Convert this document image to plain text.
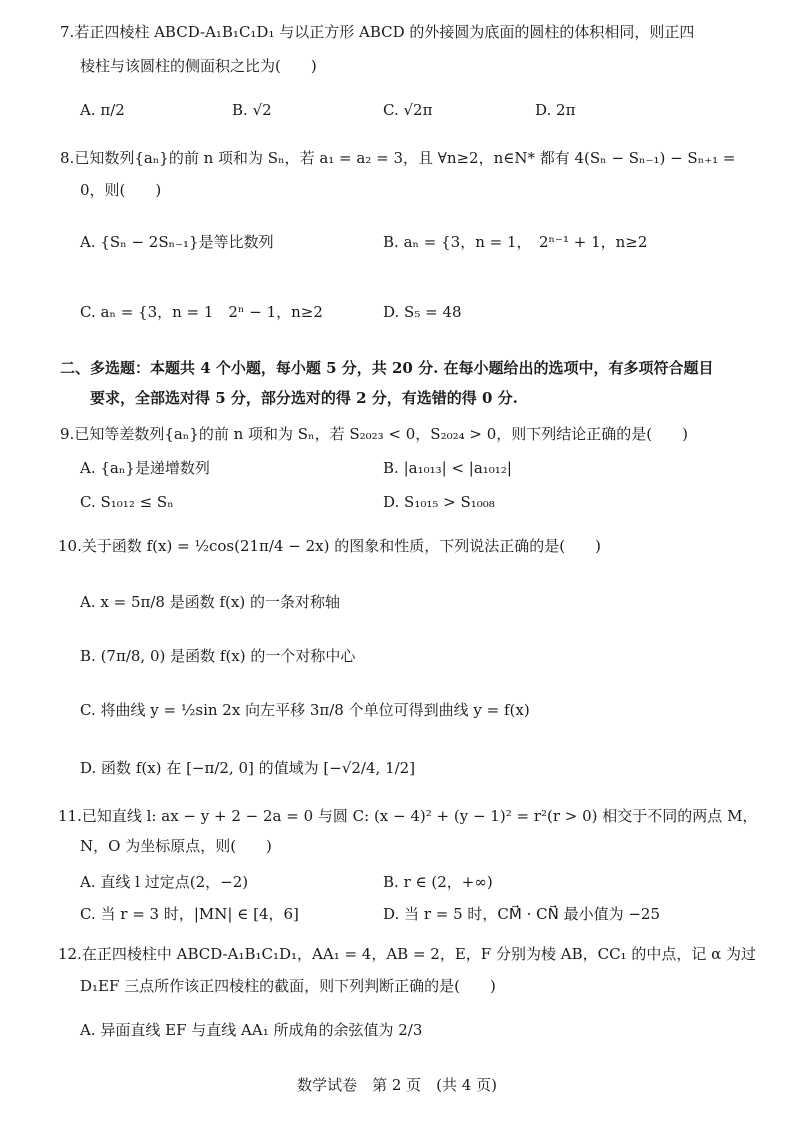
7.若正四棱柱 ABCD-A₁B₁C₁D₁ 与以正方形 ABCD 的外接圆为底面的圆柱的体积相同，则正四
棱柱与该圆柱的侧面积之比为(　　)
A. π/2	B. √2	C. √2π	D. 2π
8.已知数列{aₙ}的前 n 项和为 Sₙ，若 a₁ = a₂ = 3，且 ∀n≥2，n∈N* 都有 4(Sₙ − Sₙ₋₁) − Sₙ₊₁ =
0，则(　　)
A. {Sₙ − 2Sₙ₋₁}是等比数列	B. aₙ = {3，n = 1，　2ⁿ⁻¹ + 1，n≥2
C. aₙ = {3，n = 1　2ⁿ − 1，n≥2	D. S₅ = 48
二、多选题：本题共 4 个小题，每小题 5 分，共 20 分. 在每小题给出的选项中，有多项符合题目
　　要求，全部选对得 5 分，部分选对的得 2 分，有选错的得 0 分.
9.已知等差数列{aₙ}的前 n 项和为 Sₙ，若 S₂₀₂₃ < 0，S₂₀₂₄ > 0，则下列结论正确的是(　　)
A. {aₙ}是递增数列	B. |a₁₀₁₃| < |a₁₀₁₂|
C. S₁₀₁₂ ≤ Sₙ	D. S₁₀₁₅ > S₁₀₀₈
10.关于函数 f(x) = ½cos(21π/4 − 2x) 的图象和性质，下列说法正确的是(　　)
A. x = 5π/8 是函数 f(x) 的一条对称轴
B. (7π/8, 0) 是函数 f(x) 的一个对称中心
C. 将曲线 y = ½sin 2x 向左平移 3π/8 个单位可得到曲线 y = f(x)
D. 函数 f(x) 在 [−π/2, 0] 的值域为 [−√2/4, 1/2]
11.已知直线 l: ax − y + 2 − 2a = 0 与圆 C: (x − 4)² + (y − 1)² = r²(r > 0) 相交于不同的两点 M，
N，O 为坐标原点，则(　　)
A. 直线 l 过定点(2，−2)	B. r ∈ (2，+∞)
C. 当 r = 3 时，|MN| ∈ [4，6]	D. 当 r = 5 时，CM⃗ · CN⃗ 最小值为 −25
12.在正四棱柱中 ABCD-A₁B₁C₁D₁，AA₁ = 4，AB = 2，E，F 分别为棱 AB，CC₁ 的中点，记 α 为过
D₁EF 三点所作该正四棱柱的截面，则下列判断正确的是(　　)
A. 异面直线 EF 与直线 AA₁ 所成角的余弦值为 2/3
数学试卷　第 2 页　(共 4 页)
